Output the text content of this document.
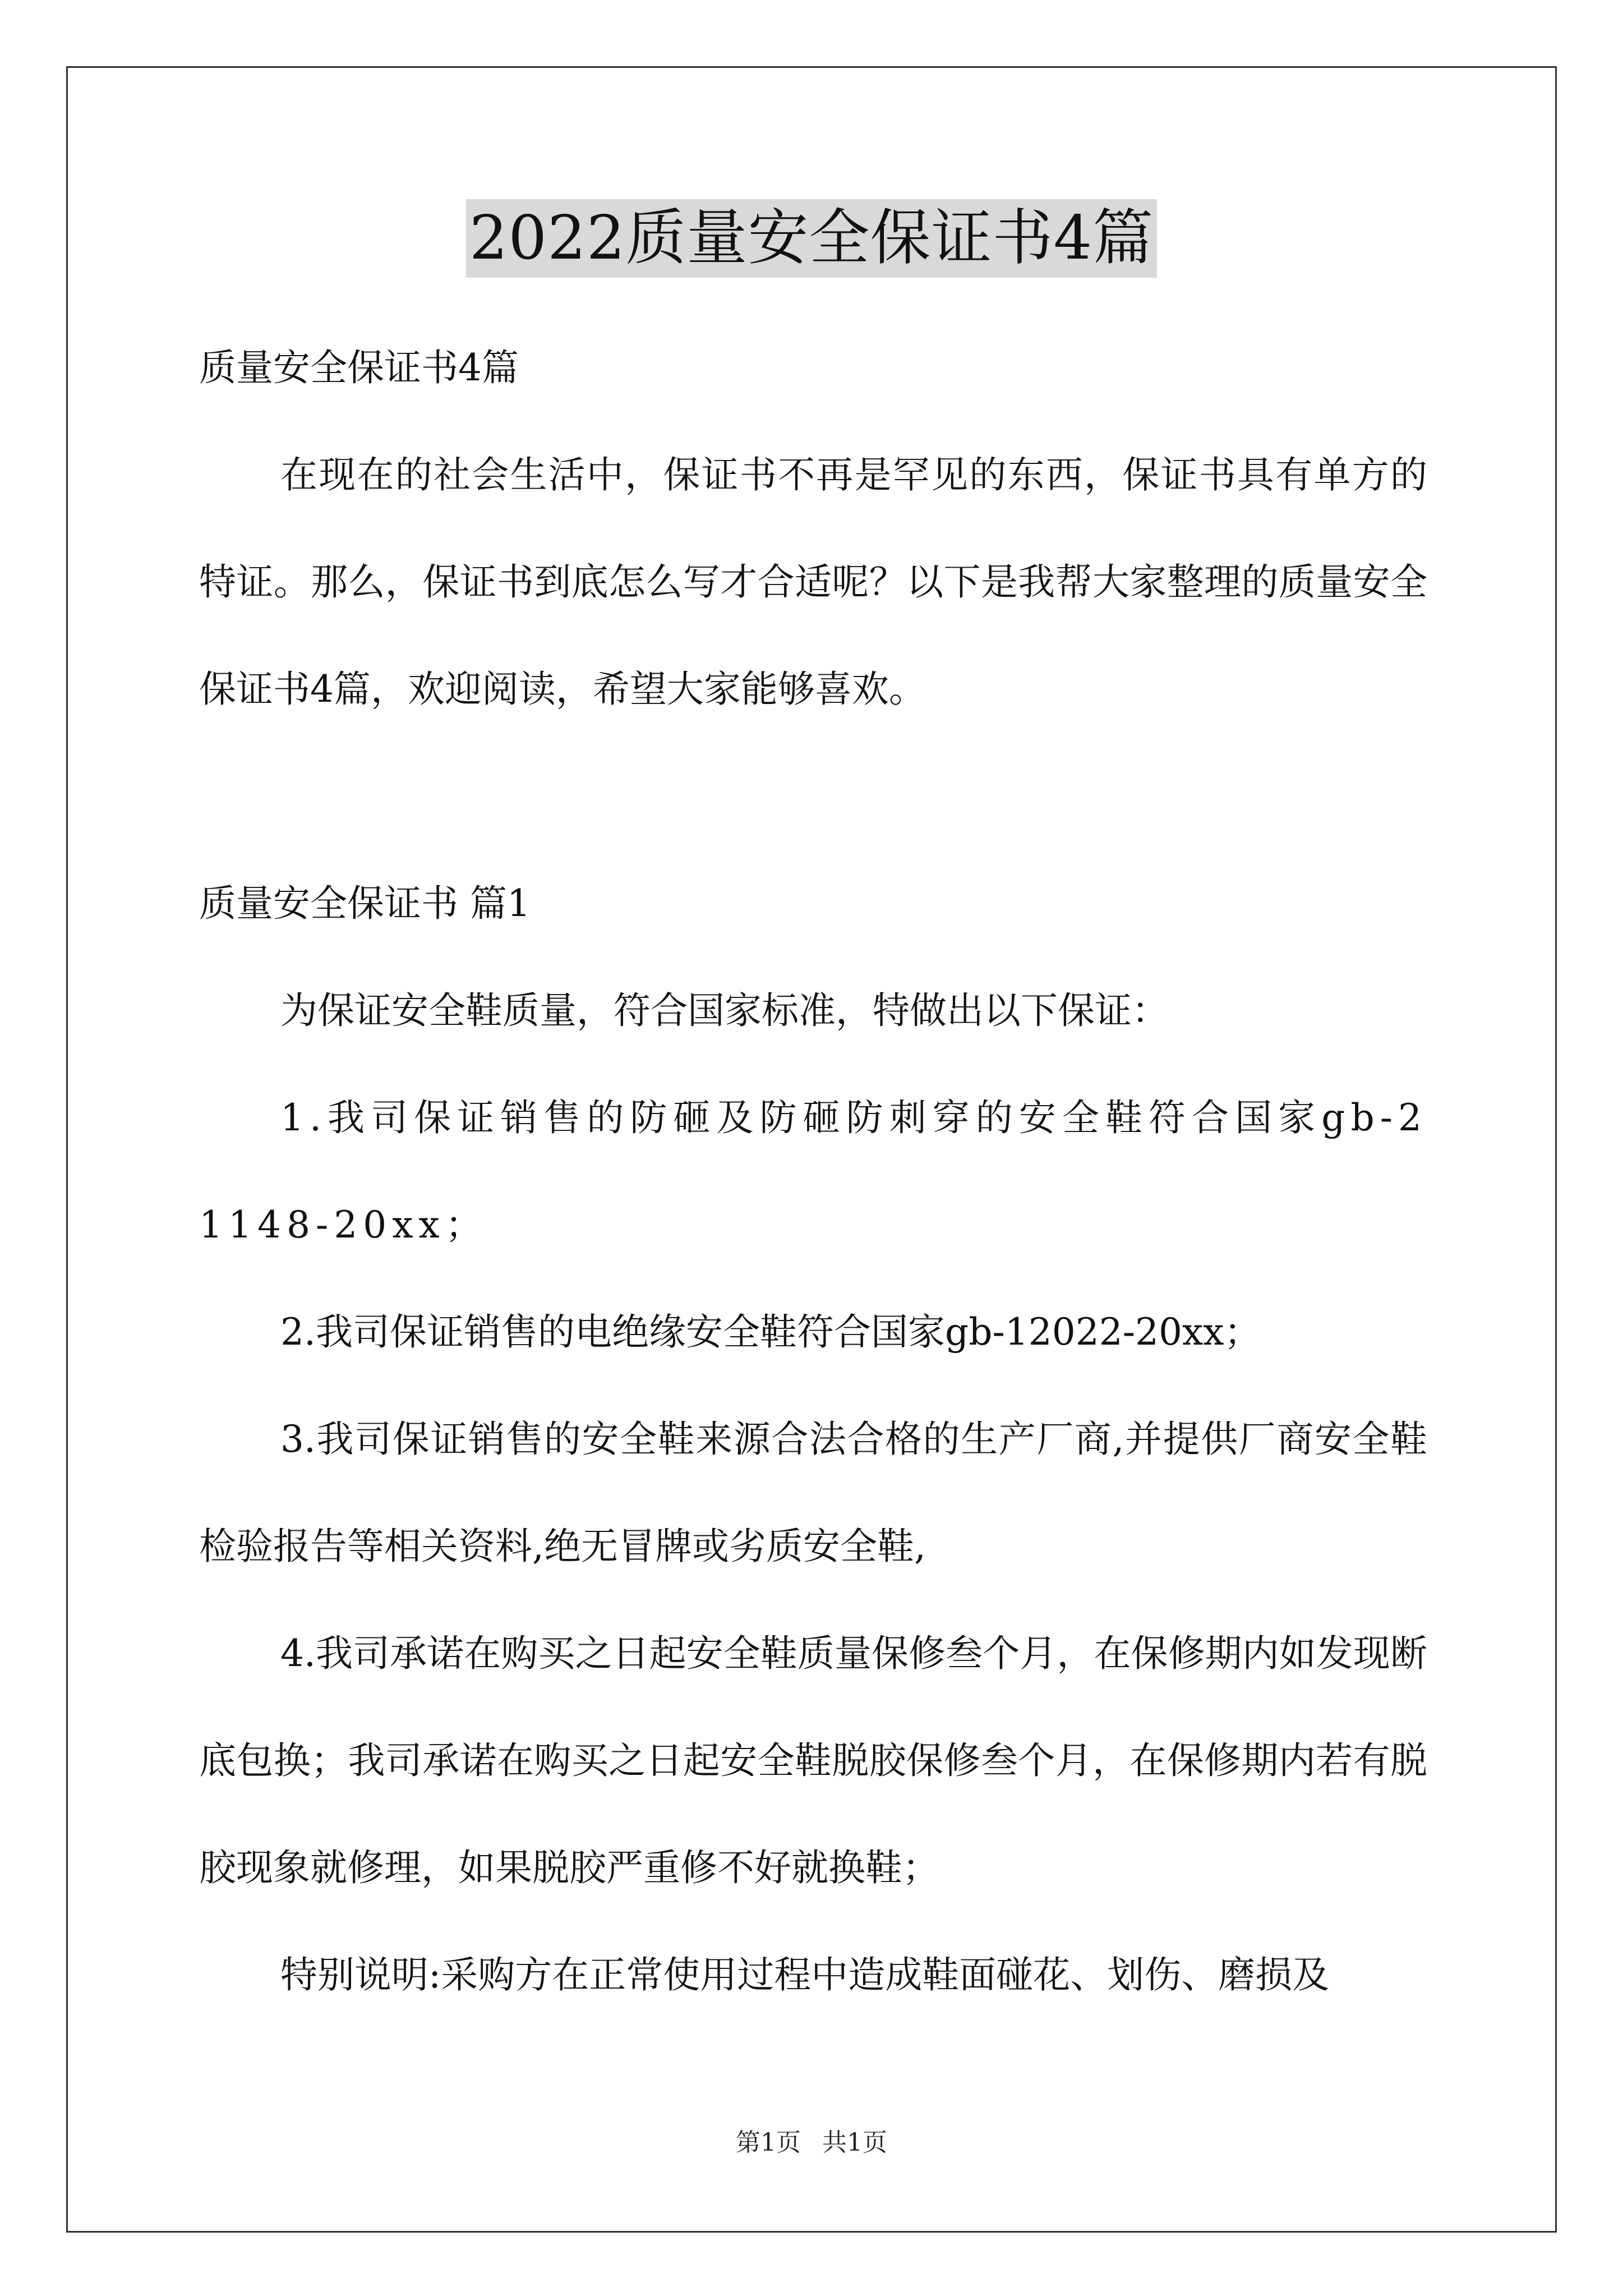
2022质量安全保证书4篇

质量安全保证书4篇

在现在的社会生活中，保证书不再是罕见的东西，保证书具有单方的特证。那么，保证书到底怎么写才合适呢？以下是我帮大家整理的质量安全保证书4篇，欢迎阅读，希望大家能够喜欢。

质量安全保证书 篇1

为保证安全鞋质量，符合国家标准，特做出以下保证：

1.我司保证销售的防砸及防砸防刺穿的安全鞋符合国家gb-21148-20xx；

2.我司保证销售的电绝缘安全鞋符合国家gb-12022-20xx；

3.我司保证销售的安全鞋来源合法合格的生产厂商,并提供厂商安全鞋检验报告等相关资料,绝无冒牌或劣质安全鞋,

4.我司承诺在购买之日起安全鞋质量保修叁个月，在保修期内如发现断底包换；我司承诺在购买之日起安全鞋脱胶保修叁个月，在保修期内若有脱胶现象就修理，如果脱胶严重修不好就换鞋；

特别说明:采购方在正常使用过程中造成鞋面碰花、划伤、磨损及

第1页 共1页
